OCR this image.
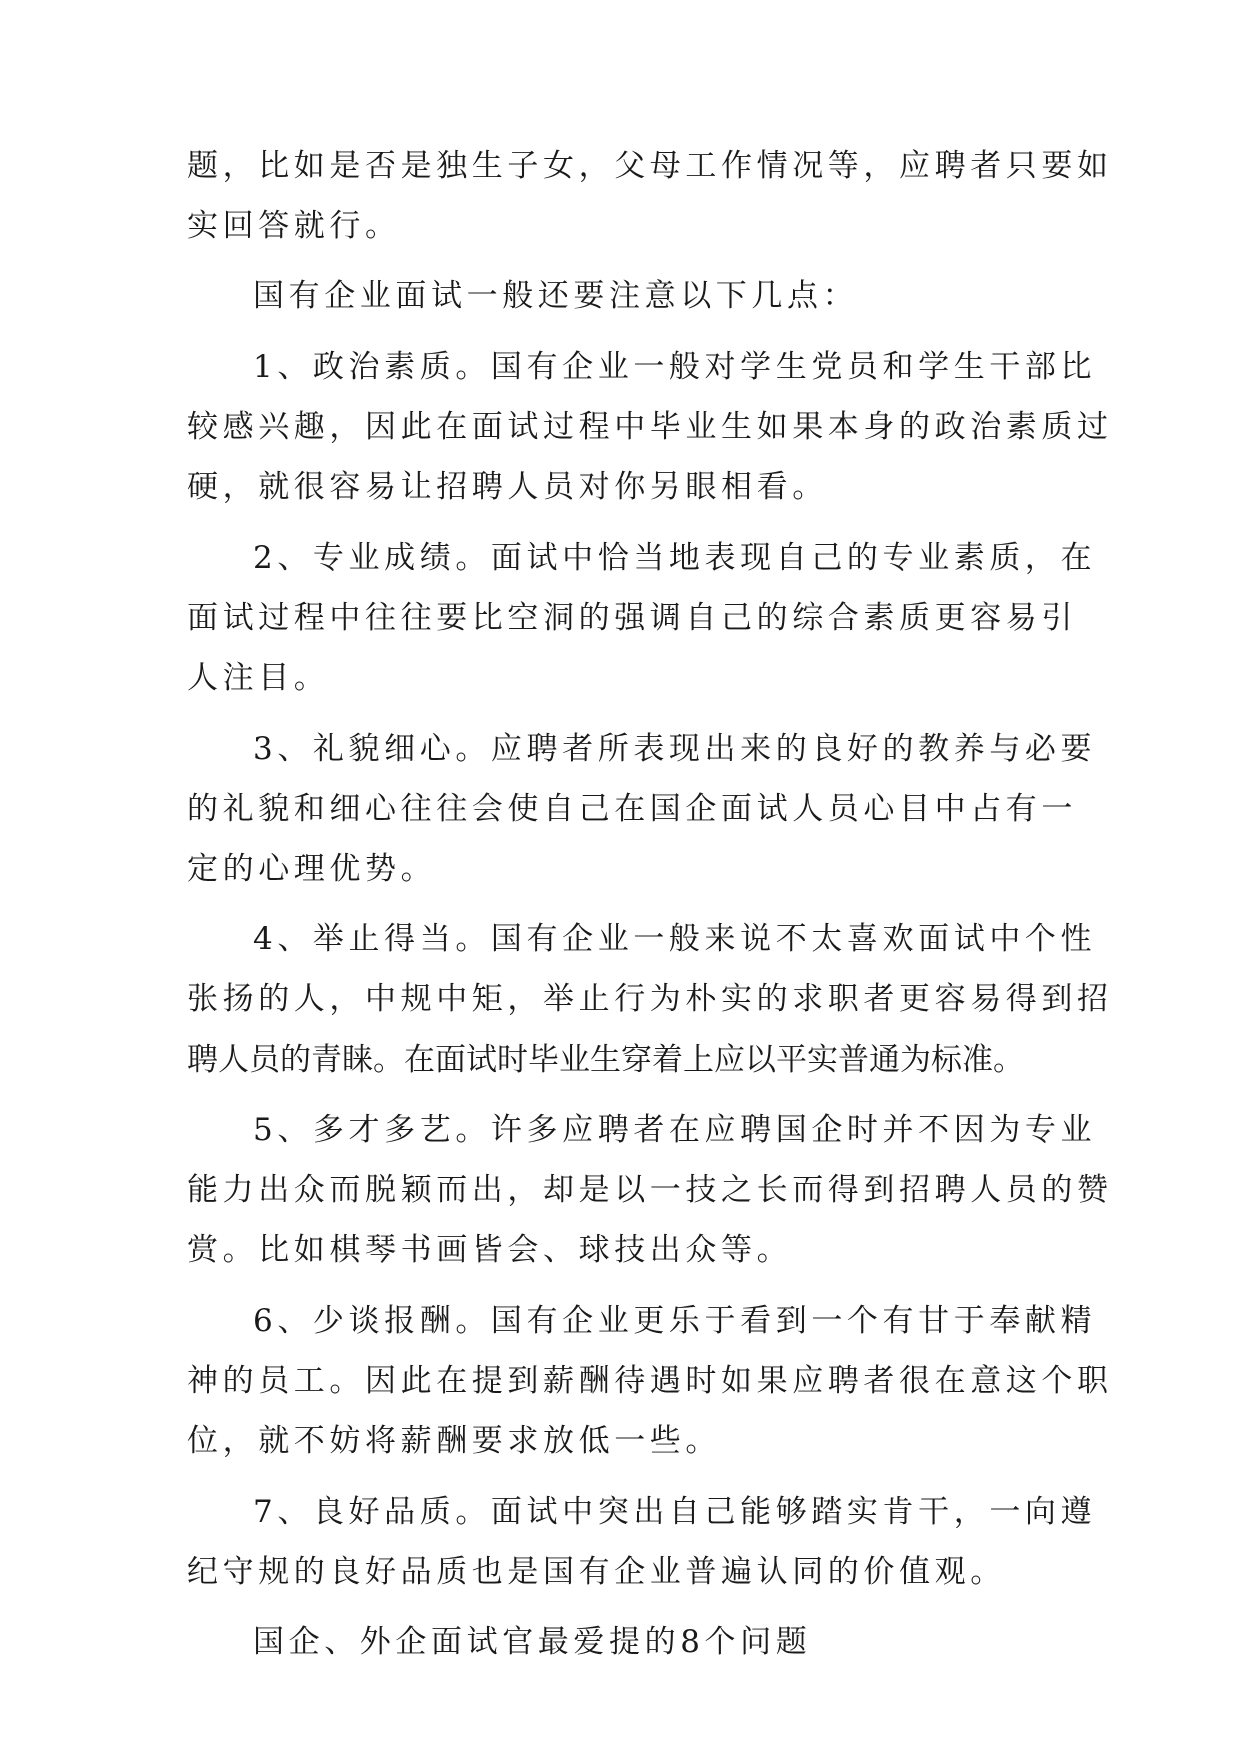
题，比如是否是独生子女，父母工作情况等，应聘者只要如
实回答就行。
国有企业面试一般还要注意以下几点：
1、政治素质。国有企业一般对学生党员和学生干部比
较感兴趣，因此在面试过程中毕业生如果本身的政治素质过
硬，就很容易让招聘人员对你另眼相看。
2、专业成绩。面试中恰当地表现自己的专业素质，在
面试过程中往往要比空洞的强调自己的综合素质更容易引
人注目。
3、礼貌细心。应聘者所表现出来的良好的教养与必要
的礼貌和细心往往会使自己在国企面试人员心目中占有一
定的心理优势。
4、举止得当。国有企业一般来说不太喜欢面试中个性
张扬的人，中规中矩，举止行为朴实的求职者更容易得到招
聘人员的青睐。在面试时毕业生穿着上应以平实普通为标准。
5、多才多艺。许多应聘者在应聘国企时并不因为专业
能力出众而脱颖而出，却是以一技之长而得到招聘人员的赞
赏。比如棋琴书画皆会、球技出众等。
6、少谈报酬。国有企业更乐于看到一个有甘于奉献精
神的员工。因此在提到薪酬待遇时如果应聘者很在意这个职
位，就不妨将薪酬要求放低一些。
7、良好品质。面试中突出自己能够踏实肯干，一向遵
纪守规的良好品质也是国有企业普遍认同的价值观。
国企、外企面试官最爱提的8个问题
